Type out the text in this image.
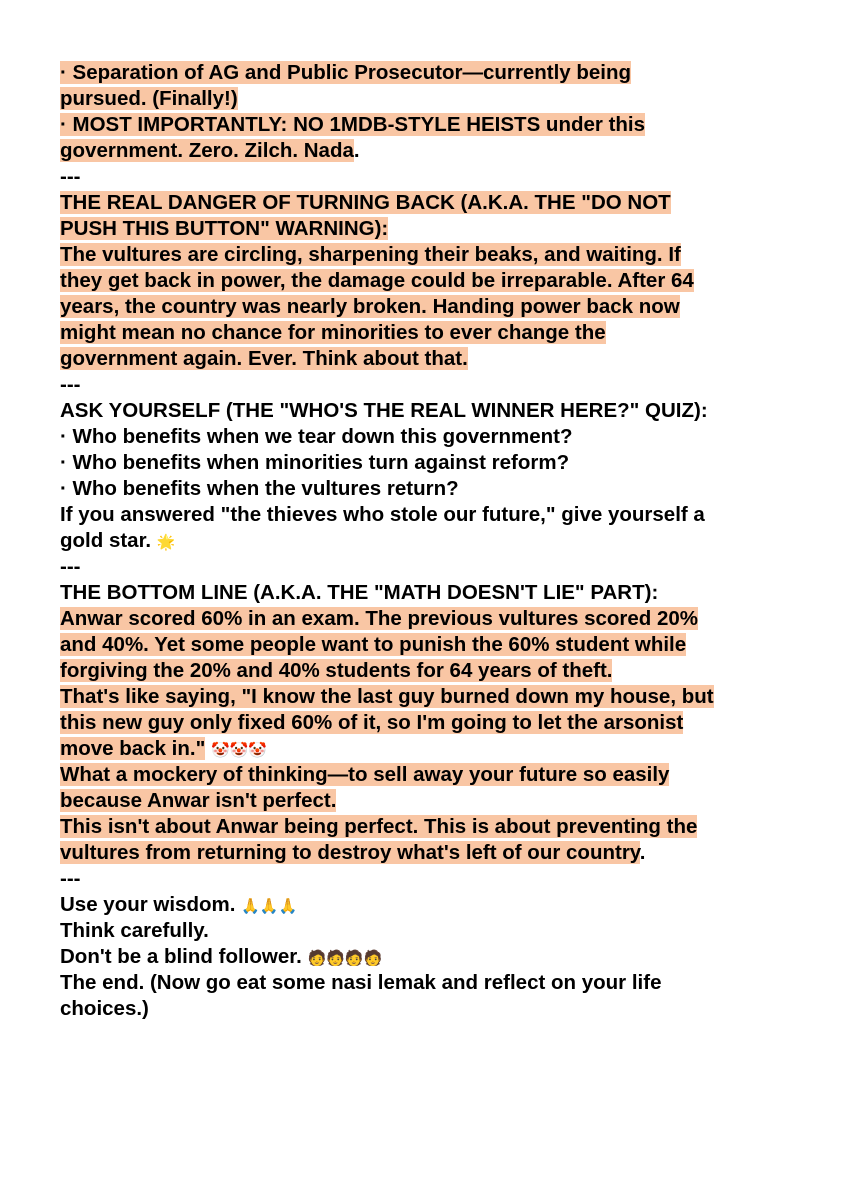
· Separation of AG and Public Prosecutor—currently being
pursued. (Finally!)
· MOST IMPORTANTLY: NO 1MDB-STYLE HEISTS under this
government. Zero. Zilch. Nada.
---
THE REAL DANGER OF TURNING BACK (A.K.A. THE "DO NOT
PUSH THIS BUTTON" WARNING):
The vultures are circling, sharpening their beaks, and waiting. If
they get back in power, the damage could be irreparable. After 64
years, the country was nearly broken. Handing power back now
might mean no chance for minorities to ever change the
government again. Ever. Think about that.
---
ASK YOURSELF (THE "WHO'S THE REAL WINNER HERE?" QUIZ):
· Who benefits when we tear down this government?
· Who benefits when minorities turn against reform?
· Who benefits when the vultures return?
If you answered "the thieves who stole our future," give yourself a
gold star. 🌟
---
THE BOTTOM LINE (A.K.A. THE "MATH DOESN'T LIE" PART):
Anwar scored 60% in an exam. The previous vultures scored 20%
and 40%. Yet some people want to punish the 60% student while
forgiving the 20% and 40% students for 64 years of theft.
That's like saying, "I know the last guy burned down my house, but
this new guy only fixed 60% of it, so I'm going to let the arsonist
move back in." 🤡🤡🤡
What a mockery of thinking—to sell away your future so easily
because Anwar isn't perfect.
This isn't about Anwar being perfect. This is about preventing the
vultures from returning to destroy what's left of our country.
---
Use your wisdom. 🙏🙏🙏
Think carefully.
Don't be a blind follower. 🧑🧑🧑🧑
The end. (Now go eat some nasi lemak and reflect on your life
choices.)
